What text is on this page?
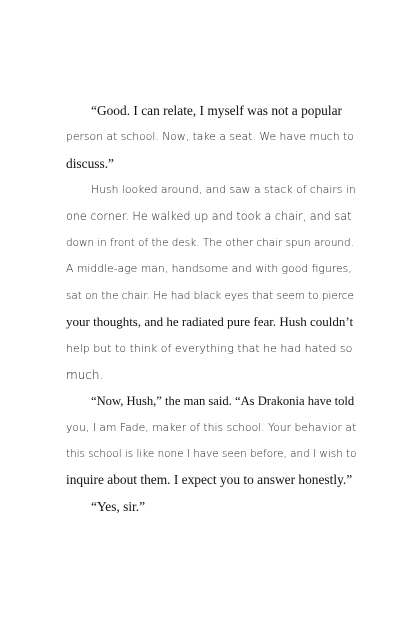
“Good. I can relate, I myself was not a popular
person at school. Now, take a seat. We have much to
discuss.”
Hush looked around, and saw a stack of chairs in
one corner. He walked up and took a chair, and sat
down in front of the desk. The other chair spun around.
A middle-age man, handsome and with good figures,
sat on the chair. He had black eyes that seem to pierce
your thoughts, and he radiated pure fear. Hush couldn’t
help but to think of everything that he had hated so
much.
“Now, Hush,” the man said. “As Drakonia have told
you, I am Fade, maker of this school. Your behavior at
this school is like none I have seen before, and I wish to
inquire about them. I expect you to answer honestly.”
“Yes, sir.”
